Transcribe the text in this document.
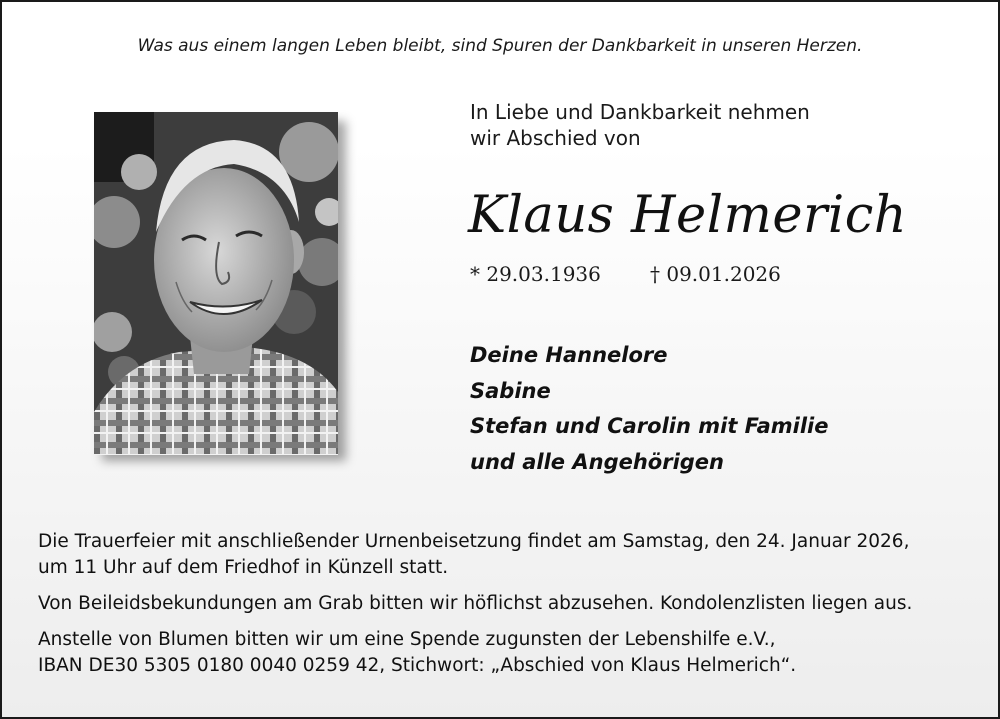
Was aus einem langen Leben bleibt, sind Spuren der Dankbarkeit in unseren Herzen.
In Liebe und Dankbarkeit nehmen
wir Abschied von
Klaus Helmerich
* 29.03.1936 † 09.01.2026
Deine Hannelore
Sabine
Stefan und Carolin mit Familie
und alle Angehörigen

Die Trauerfeier mit anschließender Urnenbeisetzung findet am Samstag, den 24. Januar 2026,
um 11 Uhr auf dem Friedhof in Künzell statt.

Von Beileidsbekundungen am Grab bitten wir höflichst abzusehen. Kondolenzlisten liegen aus.

Anstelle von Blumen bitten wir um eine Spende zugunsten der Lebenshilfe e.V.,
IBAN DE30 5305 0180 0040 0259 42, Stichwort: „Abschied von Klaus Helmerich“.
